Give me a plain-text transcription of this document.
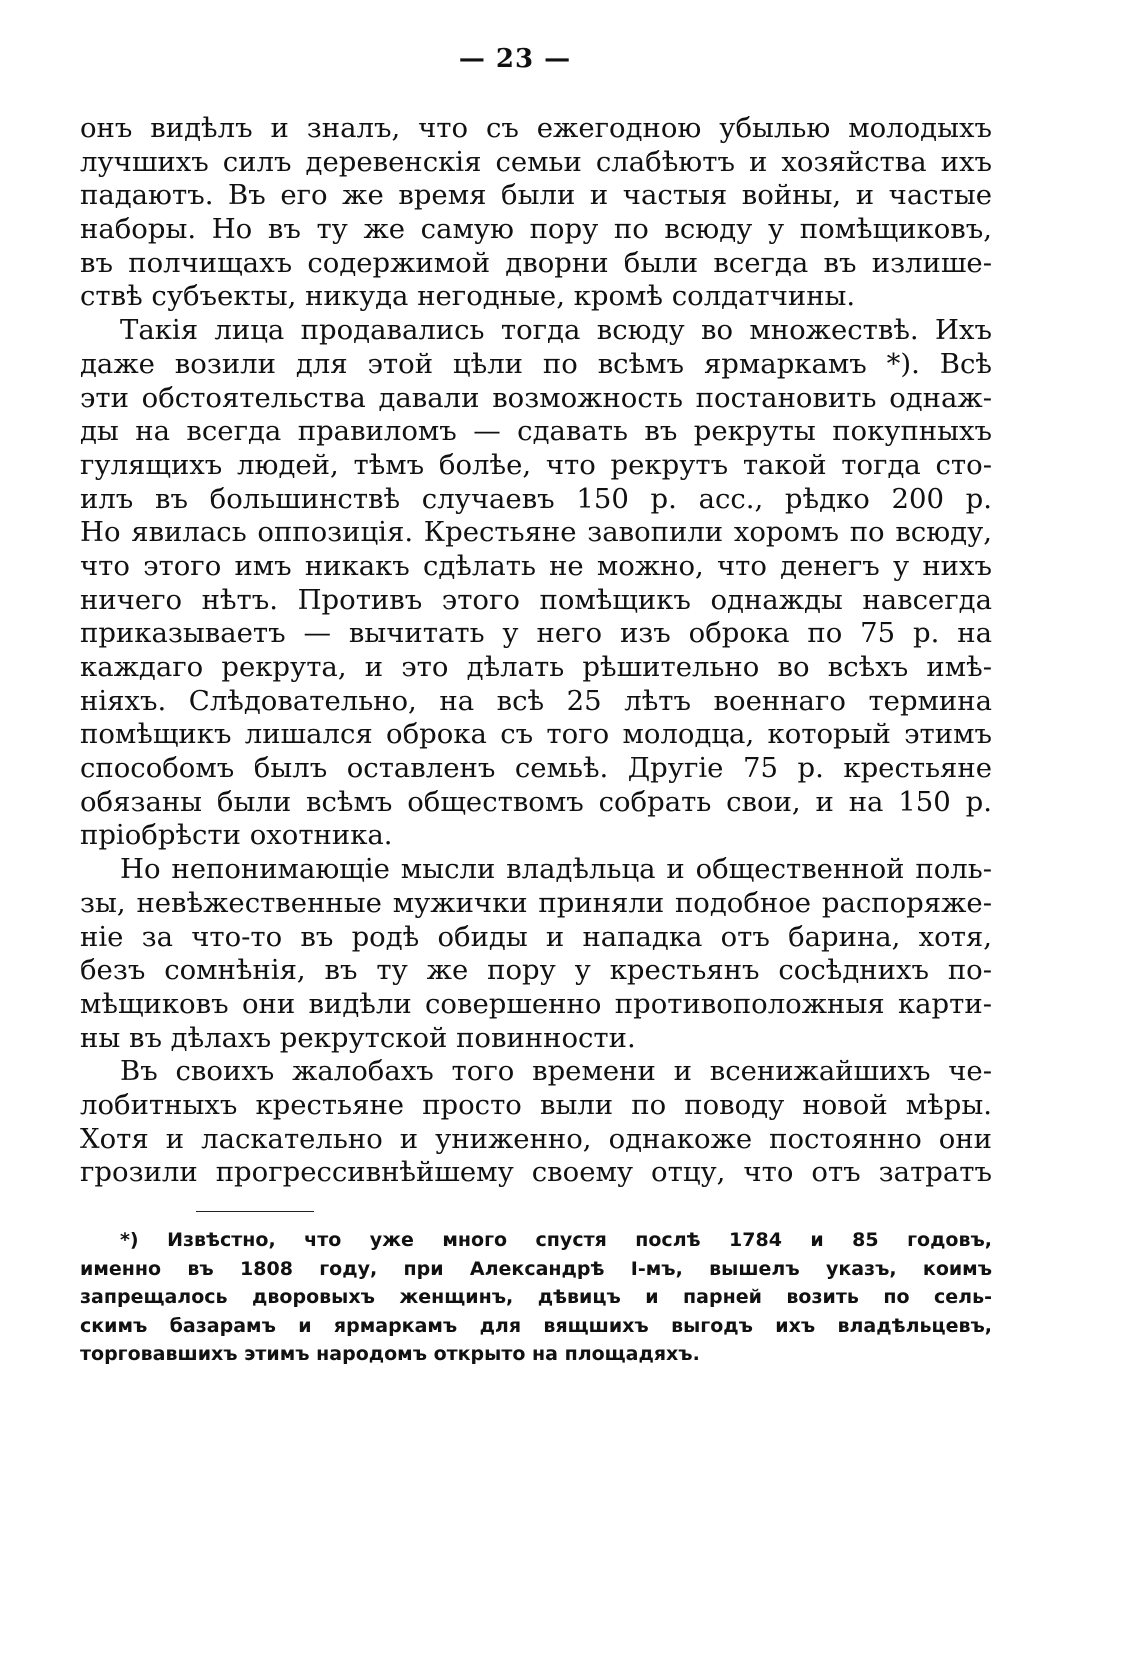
— 23 —
онъ видѣлъ и зналъ, что съ ежегодною убылью молодыхъ
лучшихъ силъ деревенскія семьи слабѣютъ и хозяйства ихъ
падаютъ. Въ его же время были и частыя войны, и частые
наборы. Но въ ту же самую пору по всюду у помѣщиковъ,
въ полчищахъ содержимой дворни были всегда въ излише-
ствѣ субъекты, никуда негодные, кромѣ солдатчины.
Такія лица продавались тогда всюду во множествѣ. Ихъ
даже возили для этой цѣли по всѣмъ ярмаркамъ *). Всѣ
эти обстоятельства давали возможность постановить однаж-
ды на всегда правиломъ — сдавать въ рекруты покупныхъ
гулящихъ людей, тѣмъ болѣе, что рекрутъ такой тогда сто-
илъ въ большинствѣ случаевъ 150 р. асс., рѣдко 200 р.
Но явилась оппозиція. Крестьяне завопили хоромъ по всюду,
что этого имъ никакъ сдѣлать не можно, что денегъ у нихъ
ничего нѣтъ. Противъ этого помѣщикъ однажды навсегда
приказываетъ — вычитать у него изъ оброка по 75 р. на
каждаго рекрута, и это дѣлать рѣшительно во всѣхъ имѣ-
ніяхъ. Слѣдовательно, на всѣ 25 лѣтъ военнаго термина
помѣщикъ лишался оброка съ того молодца, который этимъ
способомъ былъ оставленъ семьѣ. Другіе 75 р. крестьяне
обязаны были всѣмъ обществомъ собрать свои, и на 150 р.
пріобрѣсти охотника.
Но непонимающіе мысли владѣльца и общественной поль-
зы, невѣжественные мужички приняли подобное распоряже-
ніе за что-то въ родѣ обиды и нападка отъ барина, хотя,
безъ сомнѣнія, въ ту же пору у крестьянъ сосѣднихъ по-
мѣщиковъ они видѣли совершенно противоположныя карти-
ны въ дѣлахъ рекрутской повинности.
Въ своихъ жалобахъ того времени и всенижайшихъ че-
лобитныхъ крестьяне просто выли по поводу новой мѣры.
Хотя и ласкательно и униженно, однакоже постоянно они
грозили прогрессивнѣйшему своему отцу, что отъ затратъ
*) Извѣстно, что уже много спустя послѣ 1784 и 85 годовъ,
именно въ 1808 году, при Александрѣ I-мъ, вышелъ указъ, коимъ
запрещалось дворовыхъ женщинъ, дѣвицъ и парней возить по сель-
скимъ базарамъ и ярмаркамъ для вящшихъ выгодъ ихъ владѣльцевъ,
торговавшихъ этимъ народомъ открыто на площадяхъ.
